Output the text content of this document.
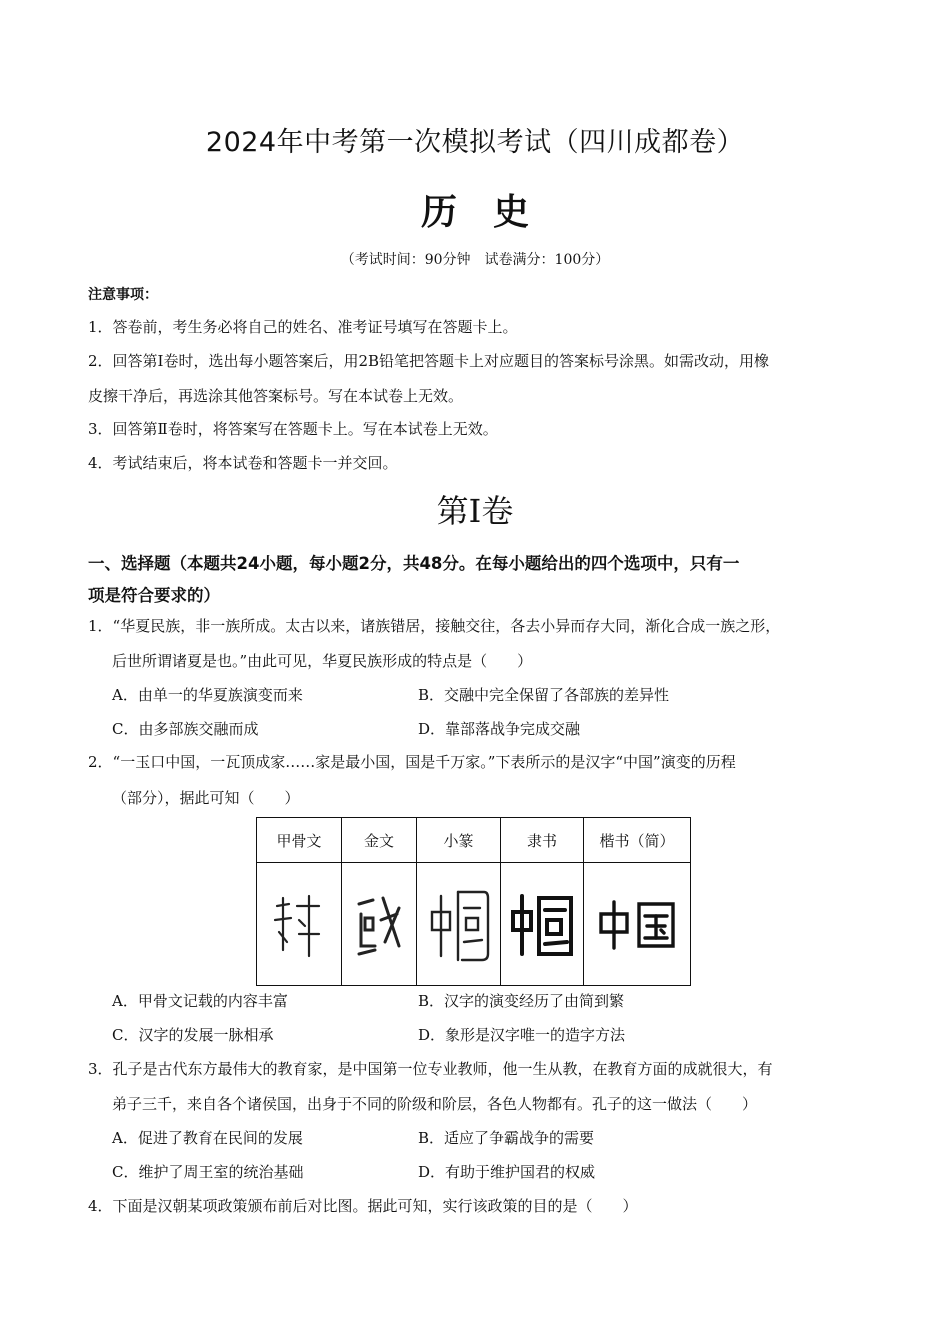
2024年中考第一次模拟考试（四川成都卷）
历　史
（考试时间：90分钟　试卷满分：100分）
注意事项：
1．答卷前，考生务必将自己的姓名、准考证号填写在答题卡上。
2．回答第Ⅰ卷时，选出每小题答案后，用2B铅笔把答题卡上对应题目的答案标号涂黑。如需改动，用橡
皮擦干净后，再选涂其他答案标号。写在本试卷上无效。
3．回答第Ⅱ卷时，将答案写在答题卡上。写在本试卷上无效。
4．考试结束后，将本试卷和答题卡一并交回。
第Ⅰ卷
一、选择题（本题共24小题，每小题2分，共48分。在每小题给出的四个选项中，只有一
项是符合要求的）
1．“华夏民族，非一族所成。太古以来，诸族错居，接触交往，各去小异而存大同，渐化合成一族之形，
后世所谓诸夏是也。”由此可见，华夏民族形成的特点是（　　）
A．由单一的华夏族演变而来	B．交融中完全保留了各部族的差异性
C．由多部族交融而成	D．靠部落战争完成交融
2．“一玉口中国，一瓦顶成家……家是最小国，国是千万家。”下表所示的是汉字“中国”演变的历程
（部分），据此可知（　　）
甲骨文	金文	小篆	隶书	楷书（简）

A．甲骨文记载的内容丰富	B．汉字的演变经历了由简到繁
C．汉字的发展一脉相承	D．象形是汉字唯一的造字方法
3．孔子是古代东方最伟大的教育家，是中国第一位专业教师，他一生从教，在教育方面的成就很大，有
弟子三千，来自各个诸侯国，出身于不同的阶级和阶层，各色人物都有。孔子的这一做法（　　）
A．促进了教育在民间的发展	B．适应了争霸战争的需要
C．维护了周王室的统治基础	D．有助于维护国君的权威
4．下面是汉朝某项政策颁布前后对比图。据此可知，实行该政策的目的是（　　）
